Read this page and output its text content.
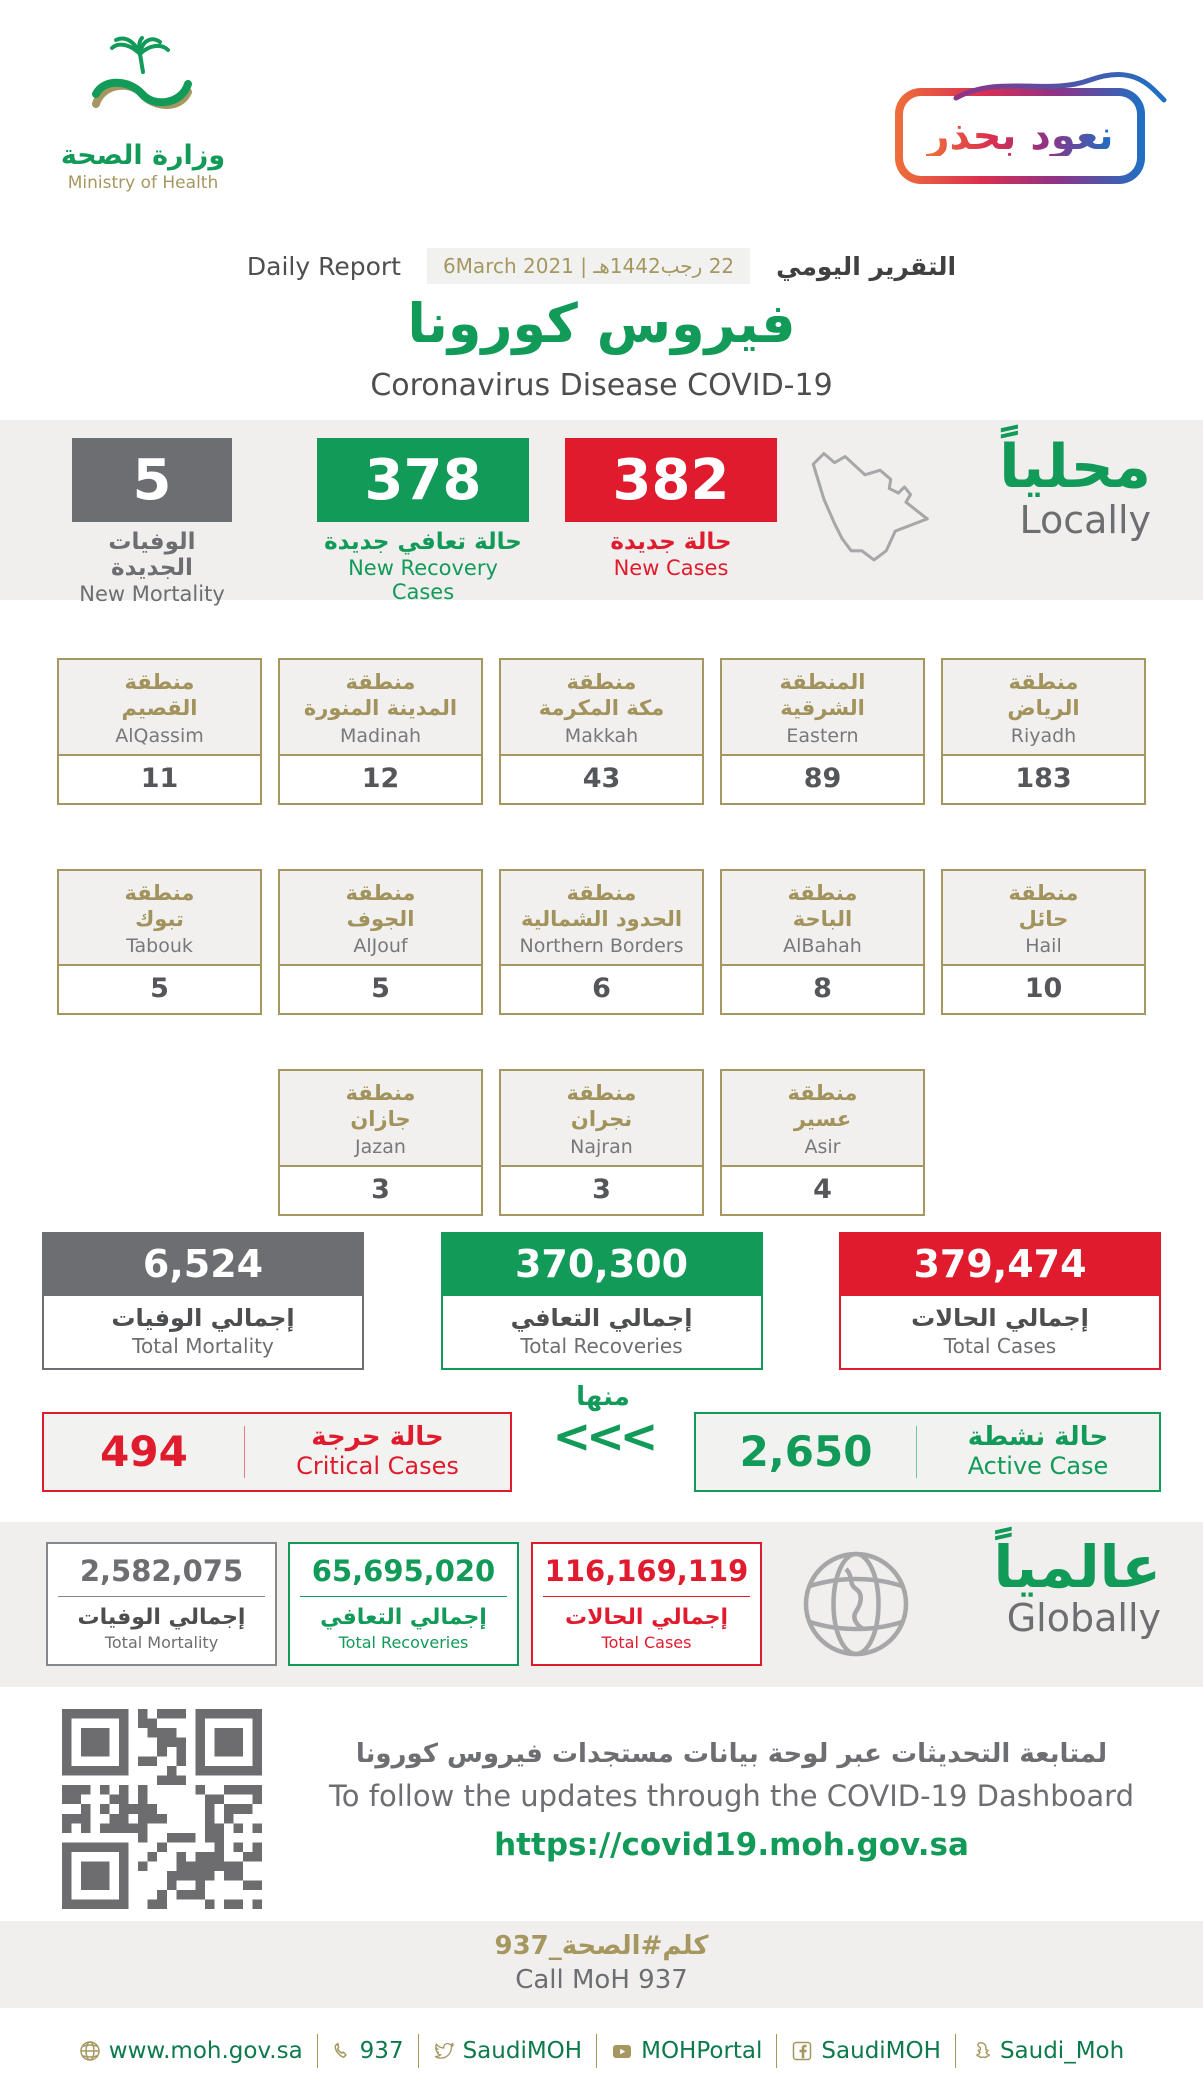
وزارة الصحة
Ministry of Health
نعود بحذر
Daily Report	22 رجب1442هـ | 6March 2021	التقرير اليومي
فيروس كورونا
Coronavirus Disease COVID-19
5
الوفيات الجديدة
New Mortality
378
حالة تعافي جديدة
New Recovery Cases
382
حالة جديدة
New Cases
محلياً
Locally
منطقة
القصيم
AlQassim
11
منطقة
المدينة المنورة
Madinah
12
منطقة
مكة المكرمة
Makkah
43
المنطقة
الشرقية
Eastern
89
منطقة
الرياض
Riyadh
183
منطقة
تبوك
Tabouk
5
منطقة
الجوف
AlJouf
5
منطقة
الحدود الشمالية
Northern Borders
6
منطقة
الباحة
AlBahah
8
منطقة
حائل
Hail
10
منطقة
جازان
Jazan
3
منطقة
نجران
Najran
3
منطقة
عسير
Asir
4
6,524
إجمالي الوفيات
Total Mortality
370,300
إجمالي التعافي
Total Recoveries
379,474
إجمالي الحالات
Total Cases
494	حالة حرجة
Critical Cases
منها
<<<	2,650	حالة نشطة
Active Case
2,582,075
إجمالي الوفيات
Total Mortality
65,695,020
إجمالي التعافي
Total Recoveries
116,169,119
إجمالي الحالات
Total Cases
عالمياً
Globally
لمتابعة التحديثات عبر لوحة بيانات مستجدات فيروس كورونا
To follow the updates through the COVID-19 Dashboard
https://covid19.moh.gov.sa
كلم#الصحة_937
Call MoH 937
www.moh.gov.sa 937	SaudiMOH	MOHPortal	SaudiMOH	Saudi_Moh
